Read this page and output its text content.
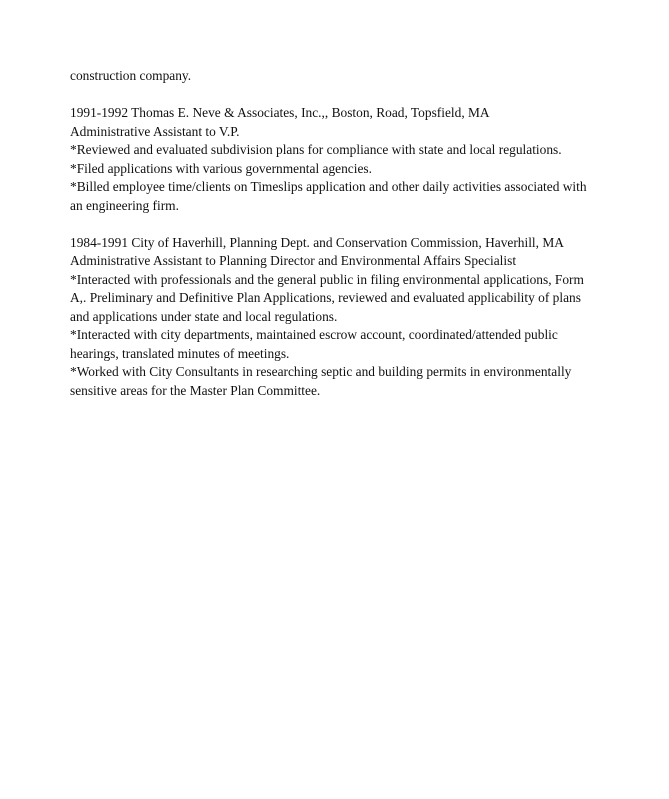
construction company.
1991-1992 Thomas E. Neve & Associates, Inc.,, Boston, Road, Topsfield, MA
Administrative Assistant to V.P.
*Reviewed and evaluated subdivision plans for compliance with state and local regulations.
*Filed applications with various governmental agencies.
*Billed employee time/clients on Timeslips application and other daily activities associated with
an engineering firm.
1984-1991 City of Haverhill, Planning Dept. and Conservation Commission, Haverhill, MA
Administrative Assistant to Planning Director and Environmental Affairs Specialist
*Interacted with professionals and the general public in filing environmental applications, Form
A,. Preliminary and Definitive Plan Applications, reviewed and evaluated applicability of plans
and applications under state and local regulations.
*Interacted with city departments, maintained escrow account, coordinated/attended public
hearings, translated minutes of meetings.
*Worked with City Consultants in researching septic and building permits in environmentally
sensitive areas for the Master Plan Committee.
